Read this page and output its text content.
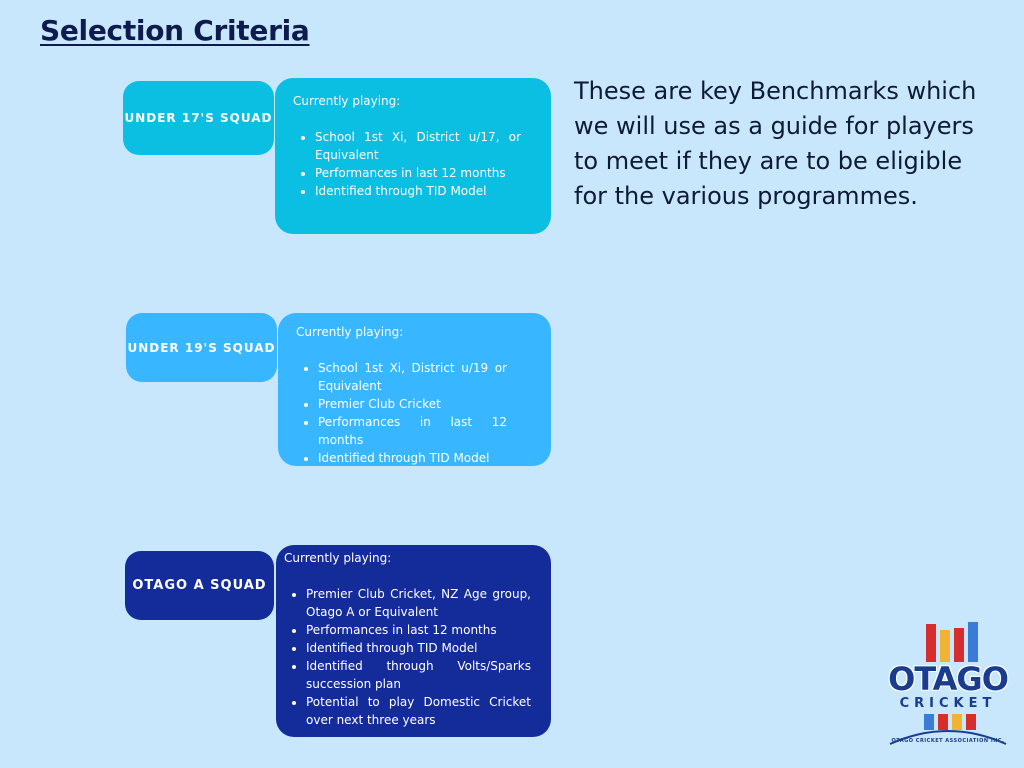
Selection Criteria
UNDER 17'S SQUAD

Currently playing:

• School 1st Xi, District u/17, or Equivalent
• Performances in last 12 months
• Identified through TID Model
UNDER 19'S SQUAD

Currently playing:

• School 1st Xi, District u/19 or Equivalent
• Premier Club Cricket
• Performances in last 12 months
• Identified through TID Model
OTAGO A SQUAD

Currently playing:

• Premier Club Cricket, NZ Age group, Otago A or Equivalent
• Performances in last 12 months
• Identified through TID Model
• Identified through Volts/Sparks succession plan
• Potential to play Domestic Cricket over next three years
These are key Benchmarks which we will use as a guide for players to meet if they are to be eligible for the various programmes.
OTAGO
CRICKET
OTAGO CRICKET ASSOCIATION INC.
